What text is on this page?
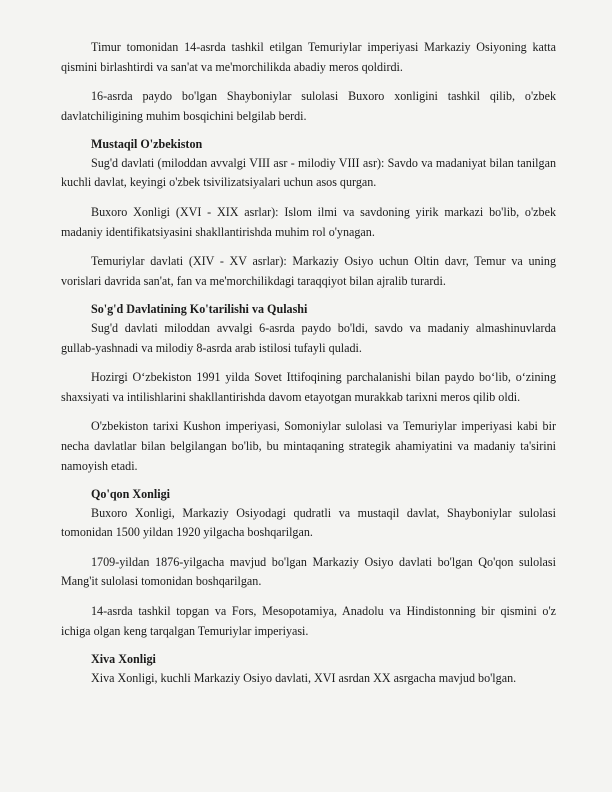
Timur tomonidan 14-asrda tashkil etilgan Temuriylar imperiyasi Markaziy Osiyoning katta qismini birlashtirdi va san'at va me'morchilikda abadiy meros qoldirdi.

16-asrda paydo bo'lgan Shayboniylar sulolasi Buxoro xonligini tashkil qilib, o'zbek davlatchiligining muhim bosqichini belgilab berdi.

Mustaqil O'zbekiston

Sug'd davlati (miloddan avvalgi VIII asr - milodiy VIII asr): Savdo va madaniyat bilan tanilgan kuchli davlat, keyingi o'zbek tsivilizatsiyalari uchun asos qurgan.

Buxoro Xonligi (XVI - XIX asrlar): Islom ilmi va savdoning yirik markazi bo'lib, o'zbek madaniy identifikatsiyasini shakllantirishda muhim rol o'ynagan.

Temuriylar davlati (XIV - XV asrlar): Markaziy Osiyo uchun Oltin davr, Temur va uning vorislari davrida san'at, fan va me'morchilikdagi taraqqiyot bilan ajralib turardi.

So'g'd Davlatining Ko'tarilishi va Qulashi

Sug'd davlati miloddan avvalgi 6-asrda paydo bo'ldi, savdo va madaniy almashinuvlarda gullab-yashnadi va milodiy 8-asrda arab istilosi tufayli quladi.

Hozirgi O‘zbekiston 1991 yilda Sovet Ittifoqining parchalanishi bilan paydo bo‘lib, o‘zining shaxsiyati va intilishlarini shakllantirishda davom etayotgan murakkab tarixni meros qilib oldi.

O'zbekiston tarixi Kushon imperiyasi, Somoniylar sulolasi va Temuriylar imperiyasi kabi bir necha davlatlar bilan belgilangan bo'lib, bu mintaqaning strategik ahamiyatini va madaniy ta'sirini namoyish etadi.

Qo'qon Xonligi

Buxoro Xonligi, Markaziy Osiyodagi qudratli va mustaqil davlat, Shayboniylar sulolasi tomonidan 1500 yildan 1920 yilgacha boshqarilgan.

1709-yildan 1876-yilgacha mavjud bo'lgan Markaziy Osiyo davlati bo'lgan Qo'qon sulolasi Mang'it sulolasi tomonidan boshqarilgan.

14-asrda tashkil topgan va Fors, Mesopotamiya, Anadolu va Hindistonning bir qismini o'z ichiga olgan keng tarqalgan Temuriylar imperiyasi.

Xiva Xonligi

Xiva Xonligi, kuchli Markaziy Osiyo davlati, XVI asrdan XX asrgacha mavjud bo'lgan.
